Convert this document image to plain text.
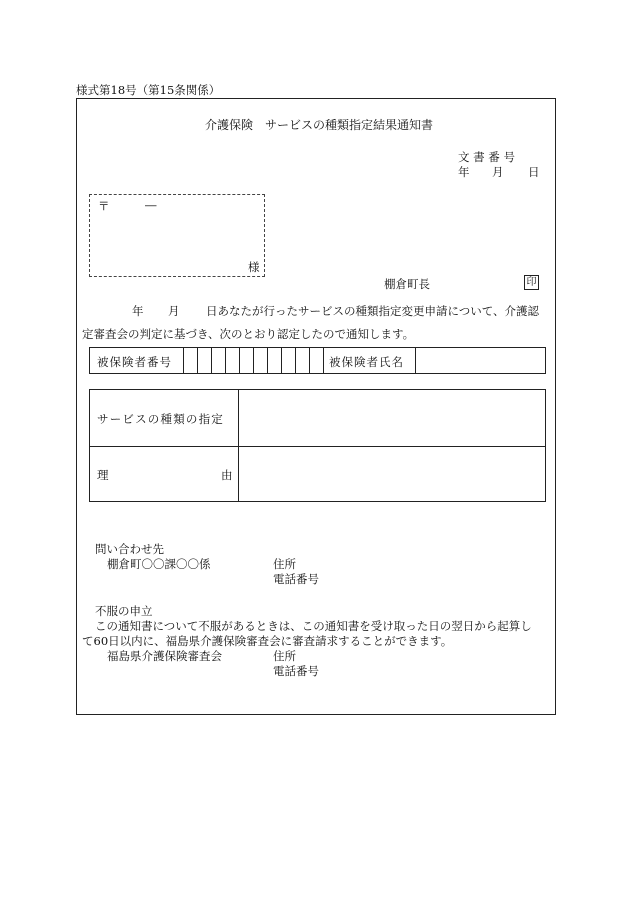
様式第18号（第15条関係）
介護保険　サービスの種類指定結果通知書
文 書 番 号
年 月 日
〒	―
様
棚倉町長	印
年 月 日あなたが行ったサービスの種類指定変更申請について、介護認
定審査会の判定に基づき、次のとおり認定したので通知します。
被保険者番号	被保険者氏名
サービスの種類の指定
理	由
問い合わせ先
棚倉町〇〇課〇〇係	住所
電話番号
不服の申立
この通知書について不服があるときは、この通知書を受け取った日の翌日から起算し
て60日以内に、福島県介護保険審査会に審査請求することができます。
福島県介護保険審査会	住所
電話番号
